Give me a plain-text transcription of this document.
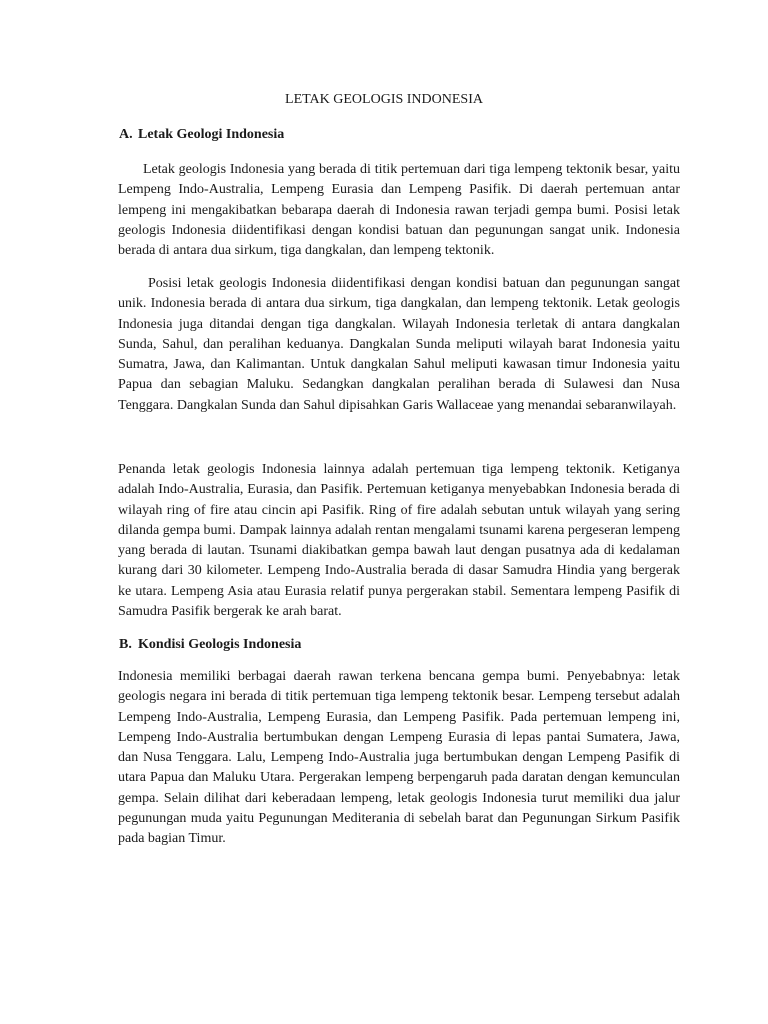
LETAK GEOLOGIS INDONESIA
A. Letak Geologi Indonesia

Letak geologis Indonesia yang berada di titik pertemuan dari tiga lempeng tektonik besar, yaitu Lempeng Indo-Australia, Lempeng Eurasia dan Lempeng Pasifik. Di daerah pertemuan antar lempeng ini mengakibatkan bebarapa daerah di Indonesia rawan terjadi gempa bumi. Posisi letak geologis Indonesia diidentifikasi dengan kondisi batuan dan pegunungan sangat unik. Indonesia berada di antara dua sirkum, tiga dangkalan, dan lempeng tektonik.

Posisi letak geologis Indonesia diidentifikasi dengan kondisi batuan dan pegunungan sangat unik. Indonesia berada di antara dua sirkum, tiga dangkalan, dan lempeng tektonik. Letak geologis Indonesia juga ditandai dengan tiga dangkalan. Wilayah Indonesia terletak di antara dangkalan Sunda, Sahul, dan peralihan keduanya. Dangkalan Sunda meliputi wilayah barat Indonesia yaitu Sumatra, Jawa, dan Kalimantan. Untuk dangkalan Sahul meliputi kawasan timur Indonesia yaitu Papua dan sebagian Maluku. Sedangkan dangkalan peralihan berada di Sulawesi dan Nusa Tenggara. Dangkalan Sunda dan Sahul dipisahkan Garis Wallaceae yang menandai sebaranwilayah.

Penanda letak geologis Indonesia lainnya adalah pertemuan tiga lempeng tektonik. Ketiganya adalah Indo-Australia, Eurasia, dan Pasifik. Pertemuan ketiganya menyebabkan Indonesia berada di wilayah ring of fire atau cincin api Pasifik. Ring of fire adalah sebutan untuk wilayah yang sering dilanda gempa bumi. Dampak lainnya adalah rentan mengalami tsunami karena pergeseran lempeng yang berada di lautan. Tsunami diakibatkan gempa bawah laut dengan pusatnya ada di kedalaman kurang dari 30 kilometer. Lempeng Indo-Australia berada di dasar Samudra Hindia yang bergerak ke utara. Lempeng Asia atau Eurasia relatif punya pergerakan stabil. Sementara lempeng Pasifik di Samudra Pasifik bergerak ke arah barat.

B. Kondisi Geologis Indonesia

Indonesia memiliki berbagai daerah rawan terkena bencana gempa bumi. Penyebabnya: letak geologis negara ini berada di titik pertemuan tiga lempeng tektonik besar. Lempeng tersebut adalah Lempeng Indo-Australia, Lempeng Eurasia, dan Lempeng Pasifik. Pada pertemuan lempeng ini, Lempeng Indo-Australia bertumbukan dengan Lempeng Eurasia di lepas pantai Sumatera, Jawa, dan Nusa Tenggara. Lalu, Lempeng Indo-Australia juga bertumbukan dengan Lempeng Pasifik di utara Papua dan Maluku Utara. Pergerakan lempeng berpengaruh pada daratan dengan kemunculan gempa. Selain dilihat dari keberadaan lempeng, letak geologis Indonesia turut memiliki dua jalur pegunungan muda yaitu Pegunungan Mediterania di sebelah barat dan Pegunungan Sirkum Pasifik pada bagian Timur.
